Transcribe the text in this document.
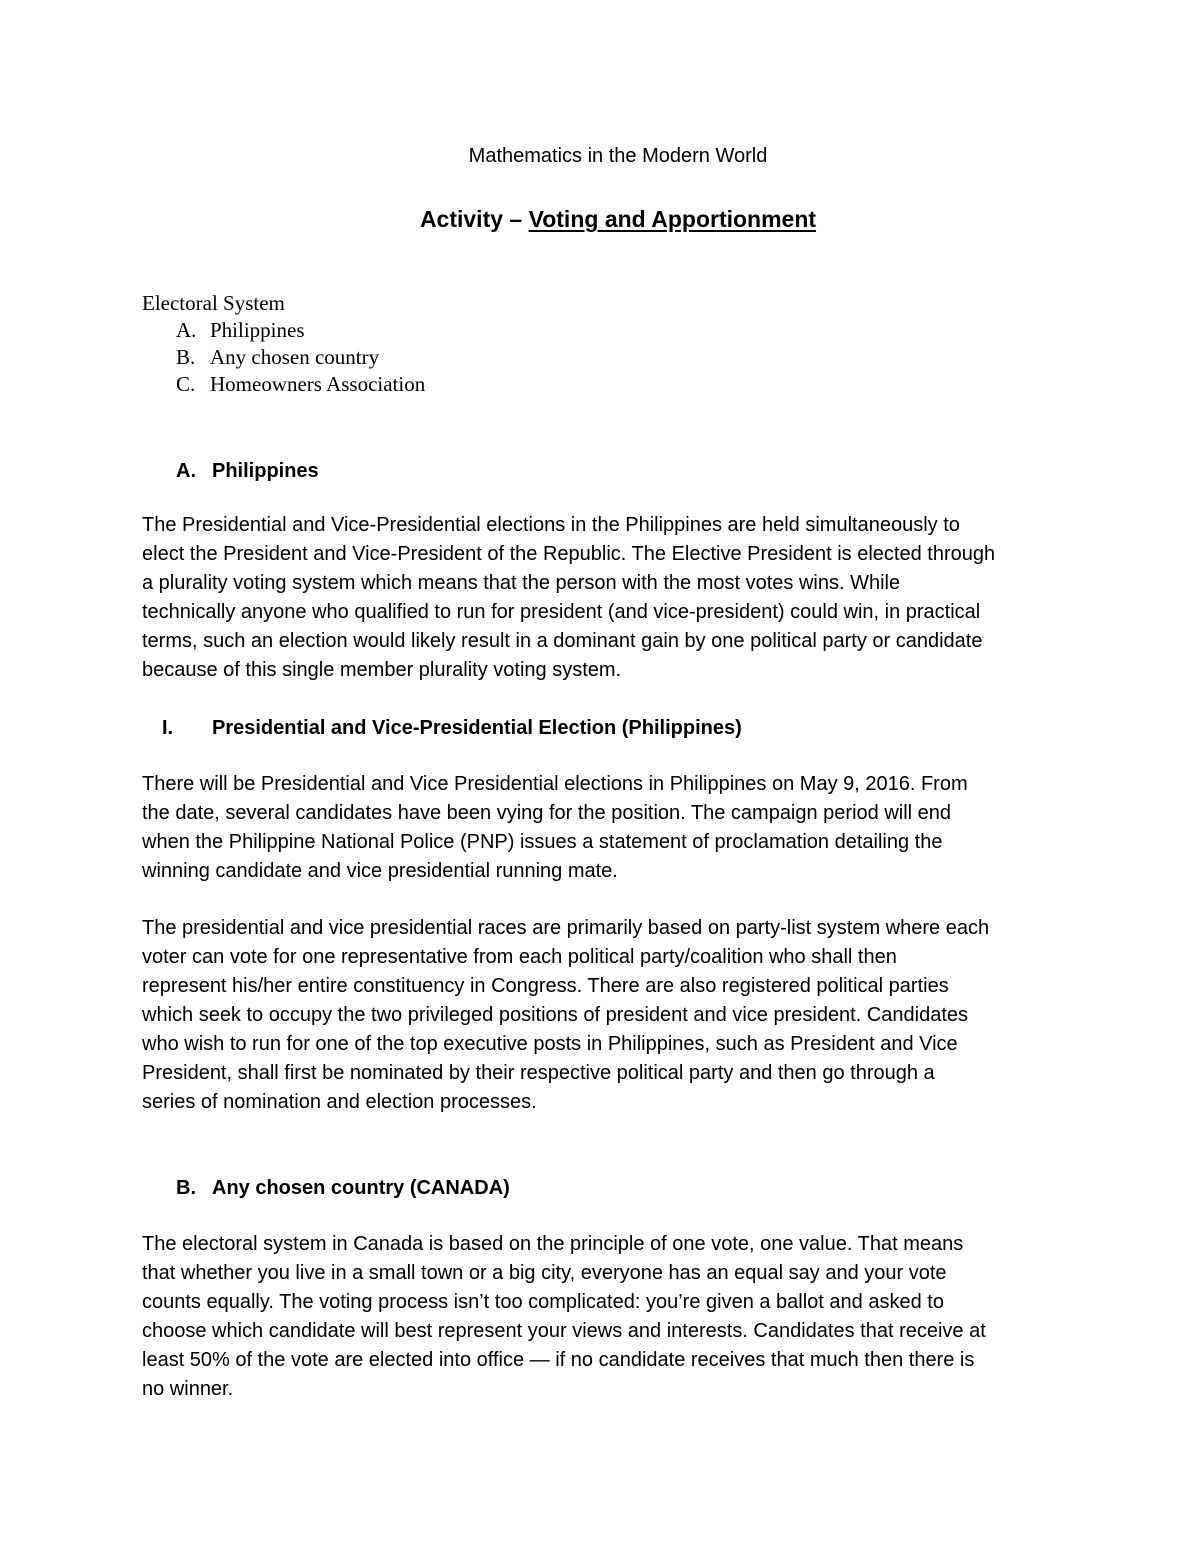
Mathematics in the Modern World
Activity – Voting and Apportionment
Electoral System
A. Philippines
B. Any chosen country
C. Homeowners Association
A. Philippines
The Presidential and Vice-Presidential elections in the Philippines are held simultaneously to
elect the President and Vice-President of the Republic. The Elective President is elected through
a plurality voting system which means that the person with the most votes wins. While
technically anyone who qualified to run for president (and vice-president) could win, in practical
terms, such an election would likely result in a dominant gain by one political party or candidate
because of this single member plurality voting system.
I.	Presidential and Vice-Presidential Election (Philippines)
There will be Presidential and Vice Presidential elections in Philippines on May 9, 2016. From
the date, several candidates have been vying for the position. The campaign period will end
when the Philippine National Police (PNP) issues a statement of proclamation detailing the
winning candidate and vice presidential running mate.
The presidential and vice presidential races are primarily based on party-list system where each
voter can vote for one representative from each political party/coalition who shall then
represent his/her entire constituency in Congress. There are also registered political parties
which seek to occupy the two privileged positions of president and vice president. Candidates
who wish to run for one of the top executive posts in Philippines, such as President and Vice
President, shall first be nominated by their respective political party and then go through a
series of nomination and election processes.
B. Any chosen country (CANADA)
The electoral system in Canada is based on the principle of one vote, one value. That means
that whether you live in a small town or a big city, everyone has an equal say and your vote
counts equally. The voting process isn’t too complicated: you’re given a ballot and asked to
choose which candidate will best represent your views and interests. Candidates that receive at
least 50% of the vote are elected into office — if no candidate receives that much then there is
no winner.
